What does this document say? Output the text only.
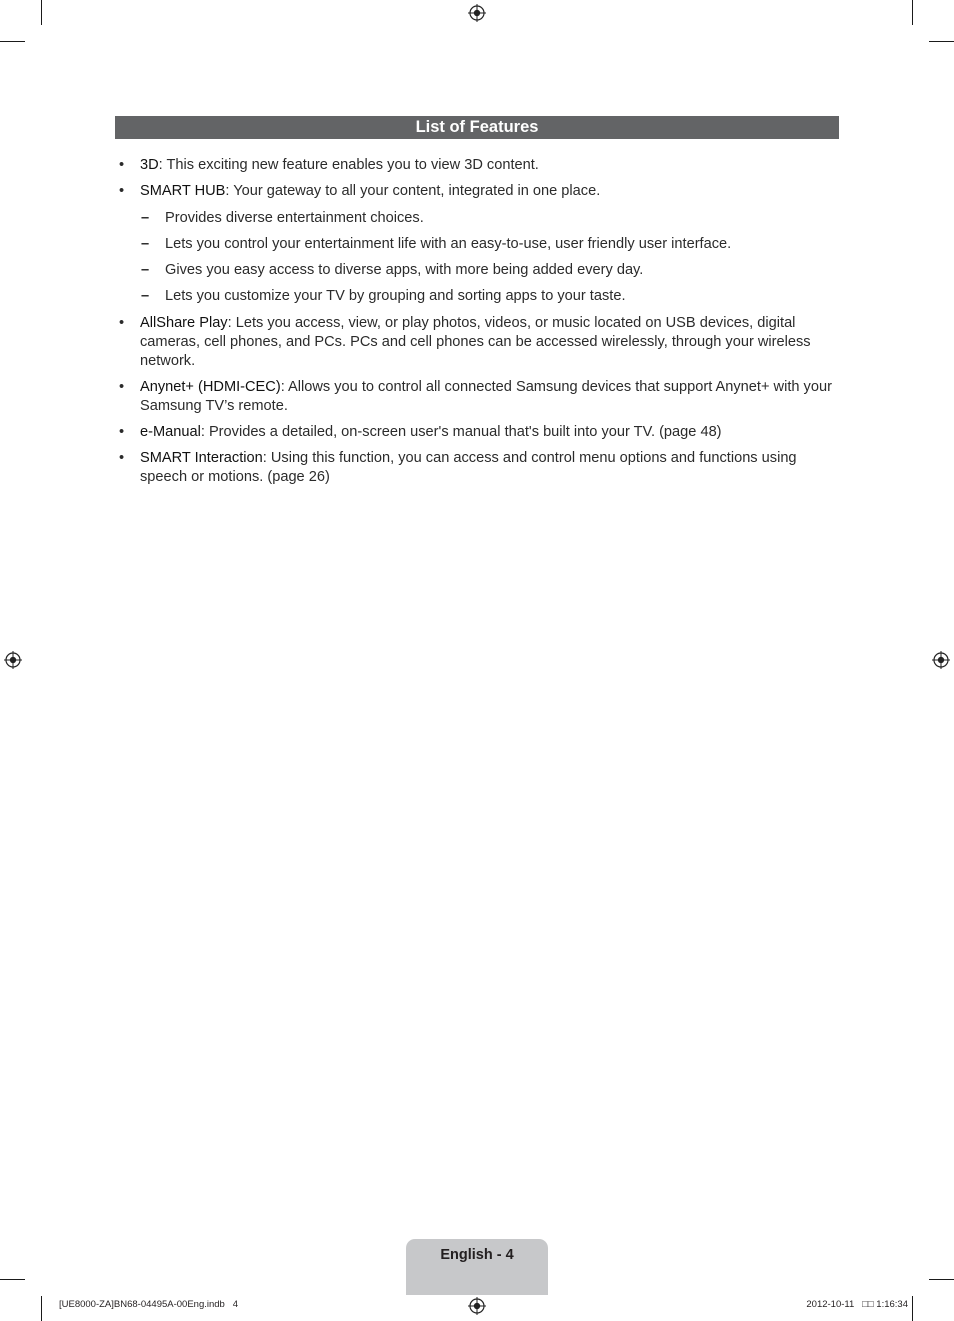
List of Features
•	3D: This exciting new feature enables you to view 3D content.
•	SMART HUB: Your gateway to all your content, integrated in one place.
–	Provides diverse entertainment choices.
–	Lets you control your entertainment life with an easy-to-use, user friendly user interface.
–	Gives you easy access to diverse apps, with more being added every day.
–	Lets you customize your TV by grouping and sorting apps to your taste.
•	AllShare Play: Lets you access, view, or play photos, videos, or music located on USB devices, digital cameras, cell phones, and PCs. PCs and cell phones can be accessed wirelessly, through your wireless network.
•	Anynet+ (HDMI-CEC): Allows you to control all connected Samsung devices that support Anynet+ with your Samsung TV’s remote.
•	e-Manual: Provides a detailed, on-screen user's manual that's built into your TV. (page 48)
•	SMART Interaction: Using this function, you can access and control menu options and functions using speech or motions. (page 26)
English - 4
[UE8000-ZA]BN68-04495A-00Eng.indb   4	2012-10-11   □□ 1:16:34
